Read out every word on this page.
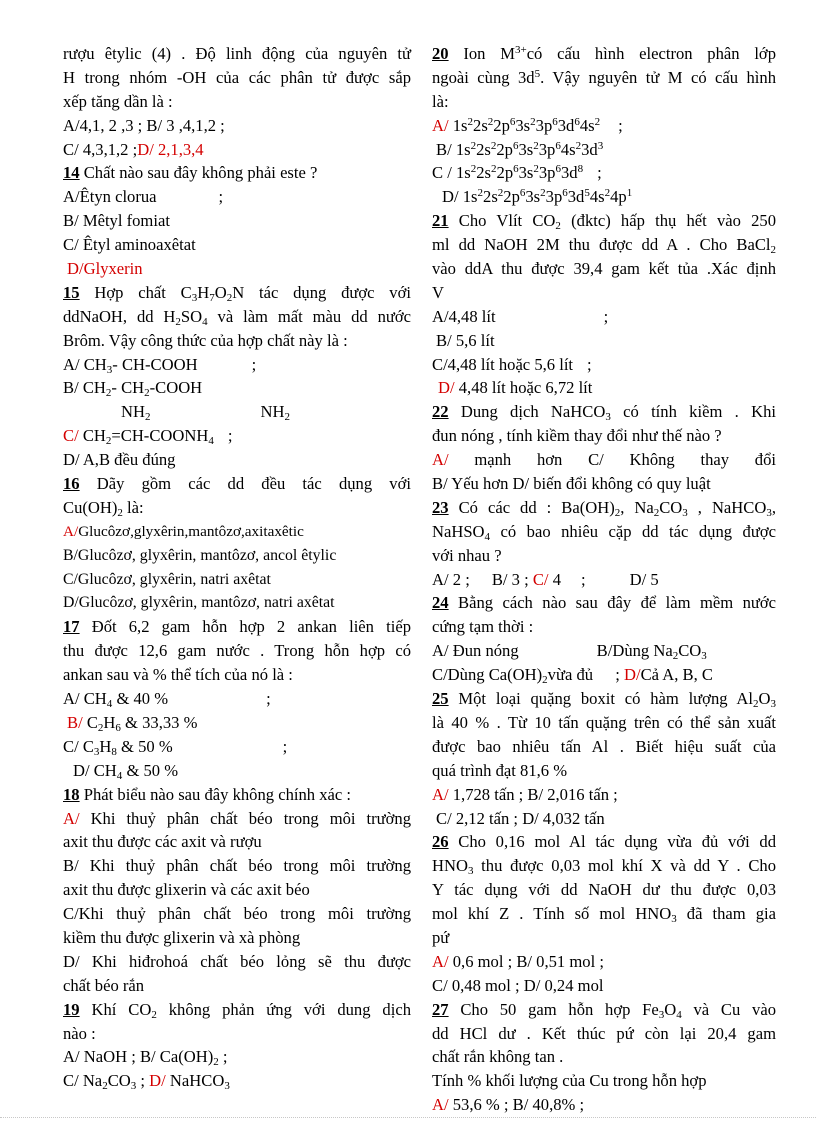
rượu êtylic (4) . Độ linh động của nguyên tử
H trong nhóm -OH của các phân tử được sắp
xếp tăng dần là :
A/4,1, 2 ,3 ; B/ 3 ,4,1,2 ;
C/ 4,3,1,2 ;D/ 2,1,3,4
14 Chất nào sau đây không phải este ?
A/Êtyn clorua	;
B/ Mêtyl fomiat
C/ Êtyl aminoaxêtat
D/Glyxerin
15 Hợp chất $C_3H_7O_2N$ tác dụng được với
ddNaOH, dd $H_2SO_4$ và làm mất màu dd nước
Brôm. Vậy công thức của hợp chất này là :
A/ $CH_3-$ CH-COOH	;
B/ $CH_2-$ $CH_2$-COOH
$NH_2$	$NH_2$
C/ $CH_2=CH-COONH_4$ ;
D/ A,B đều đúng
16 Dãy gồm các dd đều tác dụng với
$Cu(OH)_2$ là:
A/Glucôzơ,glyxêrin,mantôzơ,axitaxêtic
B/Glucôzơ, glyxêrin, mantôzơ, ancol êtylic
C/Glucôzơ, glyxêrin, natri axêtat
D/Glucôzơ, glyxêrin, mantôzơ, natri axêtat
17 Đốt 6,2 gam hỗn hợp 2 ankan liên tiếp
thu được 12,6 gam nước . Trong hỗn hợp có
ankan sau và % thể tích của nó là :
A/ $CH_4$ & 40 %	;
B/ $C_2H_6$ & 33,33 %
C/ $C_3H_8$ & 50 %	;
D/ $CH_4$ & 50 %
18 Phát biểu nào sau đây không chính xác :
A/ Khi thuỷ phân chất béo trong môi trường
axit thu được các axit và rượu
B/ Khi thuỷ phân chất béo trong môi trường
axit thu được glixerin và các axit béo
C/Khi thuỷ phân chất béo trong môi trường
kiềm thu được glixerin và xà phòng
D/ Khi hiđrohoá chất béo lỏng sẽ thu được
chất béo rắn
19 Khí $CO_2$ không phản ứng với dung dịch
nào :
A/ NaOH ; B/ $Ca(OH)_2$ ;
C/ $Na_2CO_3$ ; D/ NaHCO$_3$
20 Ion $M^{3+}có$ cấu hình electron phân lớp
ngoài cùng $3d^5$. Vậy nguyên tử M có cấu hình
là:
A/ $1s^22s^22p^63s^23p^63d^64s^2$ ;
B/ $1s^22s^22p^63s^23p^64s^23d^3$
C / $1s^22s^22p^63s^23p^63d^8$ ;
D/ $1s^22s^22p^63s^23p^63d^54s^24p^1$
21 Cho Vlít $CO_2$ (đktc) hấp thụ hết vào 250
ml dd NaOH 2M thu được dd A . Cho BaCl$_2$
vào ddA thu được 39,4 gam kết tủa .Xác định
V
A/4,48 lít	;
B/ 5,6 lít
C/4,48 lít hoặc 5,6 lít ;
D/ 4,48 lít hoặc 6,72 lít
22 Dung dịch NaHCO$_3$ có tính kiềm . Khi
đun nóng , tính kiềm thay đổi như thế nào ?
A/ mạnh hơn C/ Không thay đổi
B/ Yếu hơn D/ biến đổi không có quy luật
23 Có các dd : $Ba(OH)_2$, $Na_2CO_3$ , NaHCO$_3$,
NaHSO$_4$ có bao nhiêu cặp dd tác dụng được
với nhau ?
A/ 2 ; B/ 3 ; C/ 4 ;	D/ 5
24 Bằng cách nào sau đây để làm mềm nước
cứng tạm thời :
A/ Đun nóng	B/Dùng $Na_2CO_3$
C/Dùng $Ca(OH)_2vừa$ đủ ; D/Cả A, B, C
25 Một loại quặng boxit có hàm lượng $Al_2O_3$
là 40 % . Từ 10 tấn quặng trên có thể sản xuất
được bao nhiêu tấn Al . Biết hiệu suất của
quá trình đạt 81,6 %
A/ 1,728 tấn ; B/ 2,016 tấn ;
C/ 2,12 tấn ; D/ 4,032 tấn
26 Cho 0,16 mol Al tác dụng vừa đủ với dd
$HNO_3$ thu được 0,03 mol khí X và dd Y . Cho
Y tác dụng với dd NaOH dư thu được 0,03
mol khí Z . Tính số mol $HNO_3$ đã tham gia
pứ
A/ 0,6 mol ; B/ 0,51 mol ;
C/ 0,48 mol ; D/ 0,24 mol
27 Cho 50 gam hỗn hợp $Fe_3O_4$ và Cu vào
dd HCl dư . Kết thúc pứ còn lại 20,4 gam
chất rắn không tan .
Tính % khối lượng của Cu trong hỗn hợp
A/ 53,6 % ; B/ 40,8% ;
